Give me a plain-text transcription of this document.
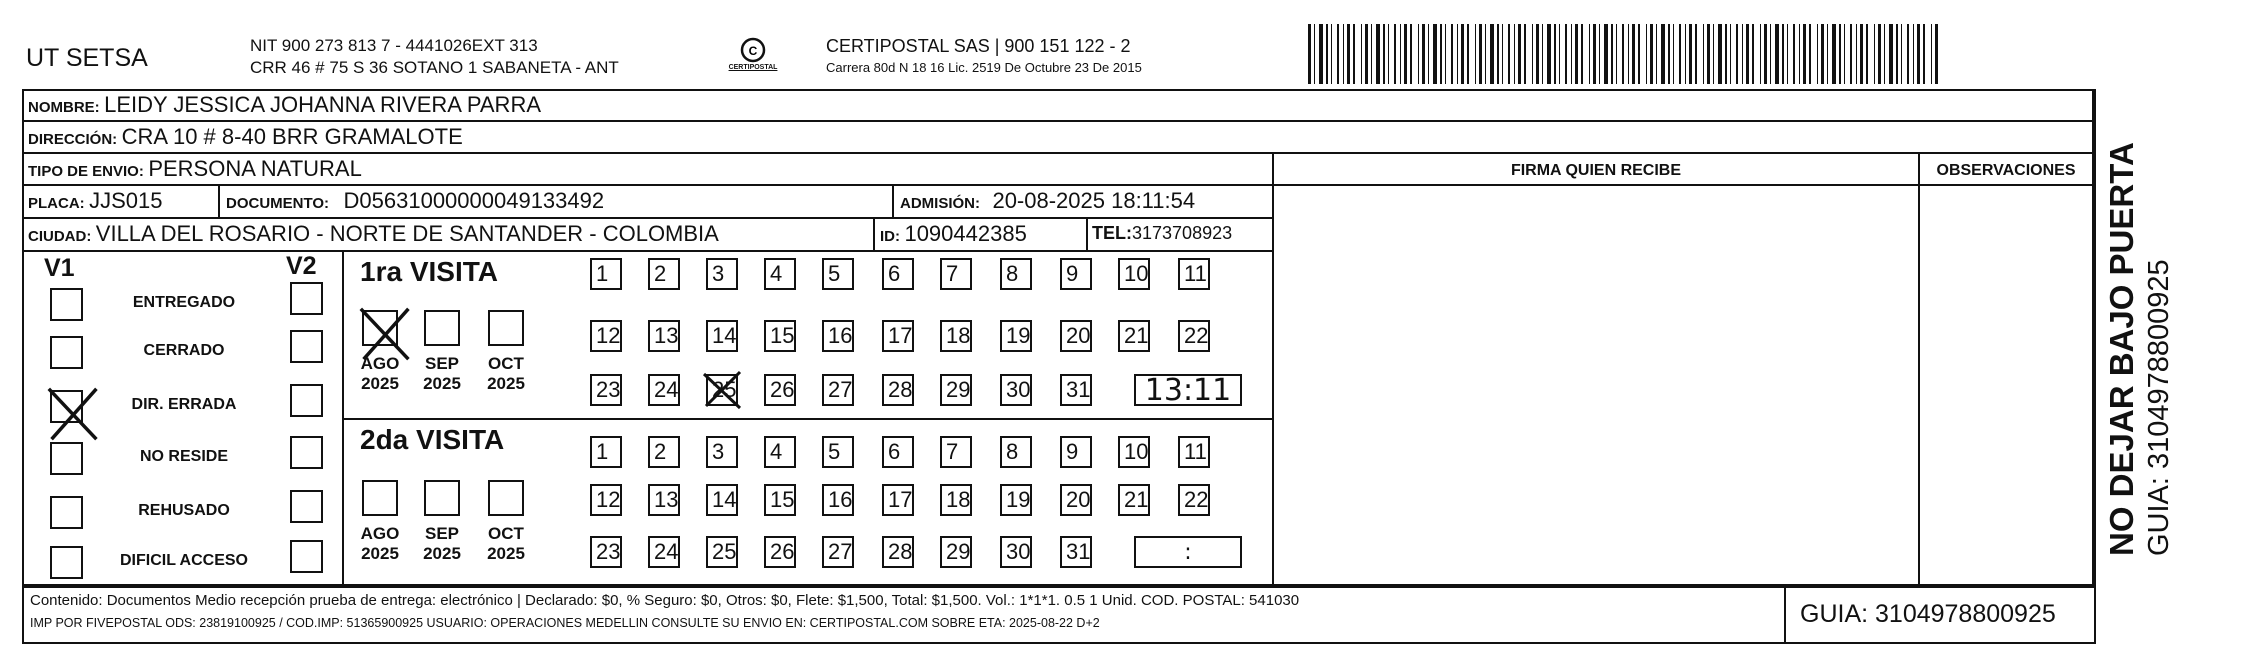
UT SETSA	NIT 900 273 813 7 - 4441026EXT 313
CRR 46 # 75 S 36 SOTANO 1 SABANETA - ANT
C
CERTIPOSTAL
CERTIPOSTAL SAS | 900 151 122 - 2
Carrera 80d N 18 16 Lic. 2519 De Octubre 23 De 2015
NOMBRE: LEIDY JESSICA JOHANNA RIVERA PARRA
DIRECCIÓN: CRA 10 # 8-40 BRR GRAMALOTE
TIPO DE ENVIO: PERSONA NATURAL	FIRMA QUIEN RECIBE	OBSERVACIONES
PLACA: JJS015	DOCUMENTO: D05631000000049133492	ADMISIÓN: 20-08-2025 18:11:54
CIUDAD: VILLA DEL ROSARIO - NORTE DE SANTANDER - COLOMBIA	ID: 1090442385	TEL:3173708923
V1	V2
ENTREGADO
CERRADO
DIR. ERRADA
NO RESIDE
REHUSADO
DIFICIL ACCESO
1ra VISITA
2da VISITA
AGO
2025
SEP
2025
OCT
2025
AGO
2025
SEP
2025
OCT
2025
1	2	3	4	5	6	7	8	9	10 11
12 13 14 15 16 17 18 19 20 21 22
23 24 25 26 27 28 29 30 31	13:11
1	2	3	4	5	6	7	8	9	10 11
12 13 14 15 16 17 18 19 20 21 22
23 24 25 26 27 28 29 30 31	:	NO DEJAR BAJO PUERTA GUIA: 3104978800925
Contenido: Documentos Medio recepción prueba de entrega: electrónico | Declarado: $0, % Seguro: $0, Otros: $0, Flete: $1,500, Total: $1,500. Vol.: 1*1*1. 0.5 1 Unid. COD. POSTAL: 541030
IMP POR FIVEPOSTAL ODS: 23819100925 / COD.IMP: 51365900925 USUARIO: OPERACIONES MEDELLIN CONSULTE SU ENVIO EN: CERTIPOSTAL.COM SOBRE ETA: 2025-08-22 D+2	GUIA: 3104978800925
